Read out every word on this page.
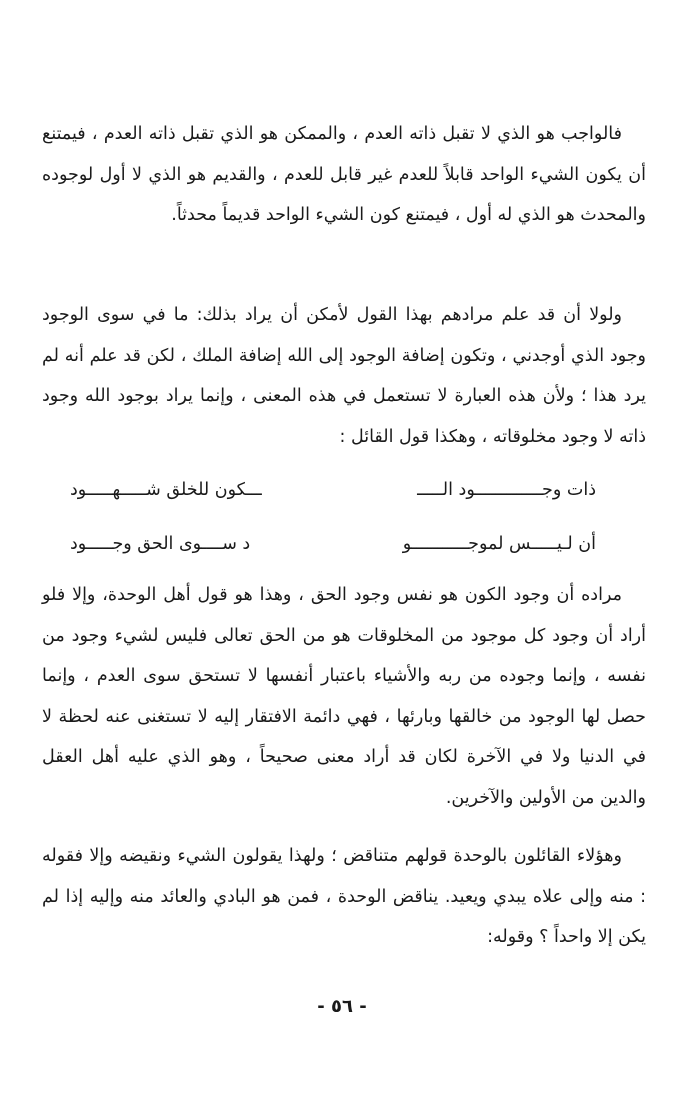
فالواجب هو الذي لا تقبل ذاته العدم ، والممكن هو الذي تقبل ذاته العدم ، فيمتنع أن يكون الشيء الواحد قابلاً للعدم غير قابل للعدم ، والقديم هو الذي لا أول لوجوده والمحدث هو الذي له أول ، فيمتنع كون الشيء الواحد قديماً محدثاً.

ولولا أن قد علم مرادهم بهذا القول لأمكن أن يراد بذلك: ما في سوى الوجود وجود الذي أوجدني ، وتكون إضافة الوجود إلى الله إضافة الملك ، لكن قد علم أنه لم يرد هذا ؛ ولأن هذه العبارة لا تستعمل في هذه المعنى ، وإنما يراد بوجود الله وجود ذاته لا وجود مخلوقاته ، وهكذا قول القائل :

ذات وجـــــــــــــود الـــــ
ـــكون للخلق شـــــهـــــود
أن لـيـــــس لموجـــــــــــو
د ســــوى الحق وجـــــود

مراده أن وجود الكون هو نفس وجود الحق ، وهذا هو قول أهل الوحدة، وإلا فلو أراد أن وجود كل موجود من المخلوقات هو من الحق تعالى فليس لشيء وجود من نفسه ، وإنما وجوده من ربه والأشياء باعتبار أنفسها لا تستحق سوى العدم ، وإنما حصل لها الوجود من خالقها وبارئها ، فهي دائمة الافتقار إليه لا تستغنى عنه لحظة لا في الدنيا ولا في الآخرة لكان قد أراد معنى صحيحاً ، وهو الذي عليه أهل العقل والدين من الأولين والآخرين.

وهؤلاء القائلون بالوحدة قولهم متناقض ؛ ولهذا يقولون الشيء ونقيضه وإلا فقوله : منه وإلى علاه يبدي ويعيد. يناقض الوحدة ، فمن هو البادي والعائد منه وإليه إذا لم يكن إلا واحداً ؟ وقوله:

- ٥٦ -
